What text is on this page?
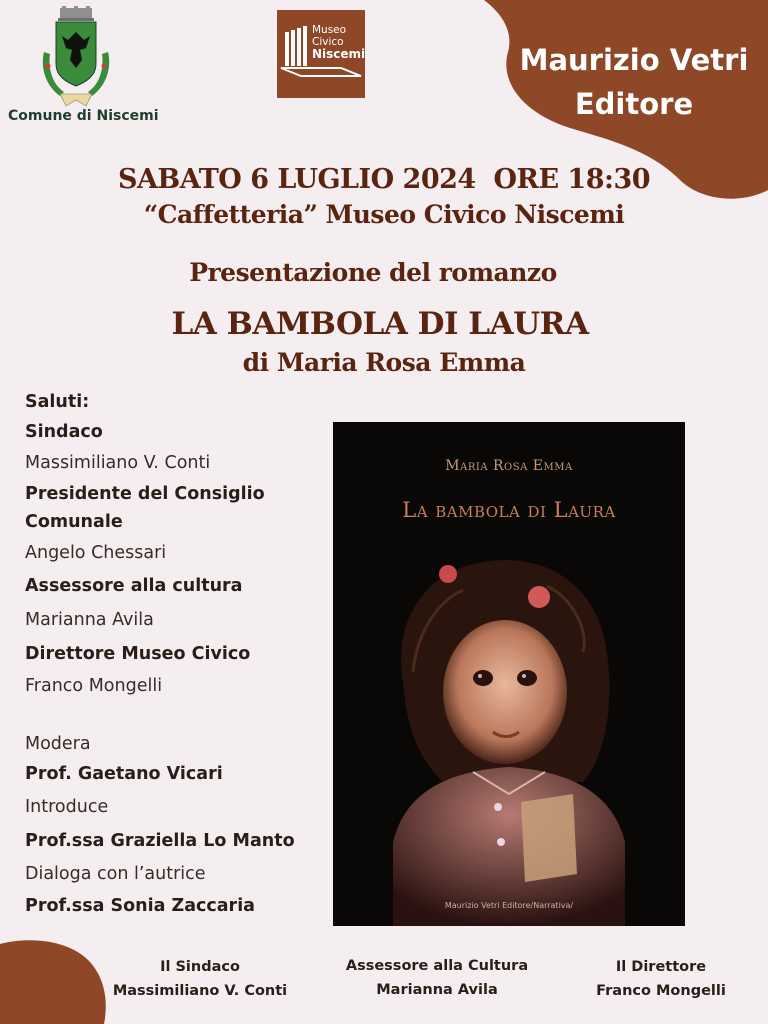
Maurizio Vetri
Editore
Comune di Niscemi
Museo
Civico
Niscemi
SABATO 6 LUGLIO 2024  ORE 18:30
“Caffetteria” Museo Civico Niscemi
Presentazione del romanzo
LA BAMBOLA DI LAURA
di Maria Rosa Emma
Saluti:
Sindaco
Massimiliano V. Conti
Presidente del Consiglio
Comunale
Angelo Chessari
Assessore alla cultura
Marianna Avila
Direttore Museo Civico
Franco Mongelli
Modera
Prof. Gaetano Vicari
Introduce
Prof.ssa Graziella Lo Manto
Dialoga con l’autrice
Prof.ssa Sonia Zaccaria
Maria Rosa Emma
La bambola di Laura
Maurizio Vetri Editore/Narrativa/
Il Sindaco
Massimiliano V. Conti
Assessore alla Cultura
Marianna Avila
Il Direttore
Franco Mongelli
